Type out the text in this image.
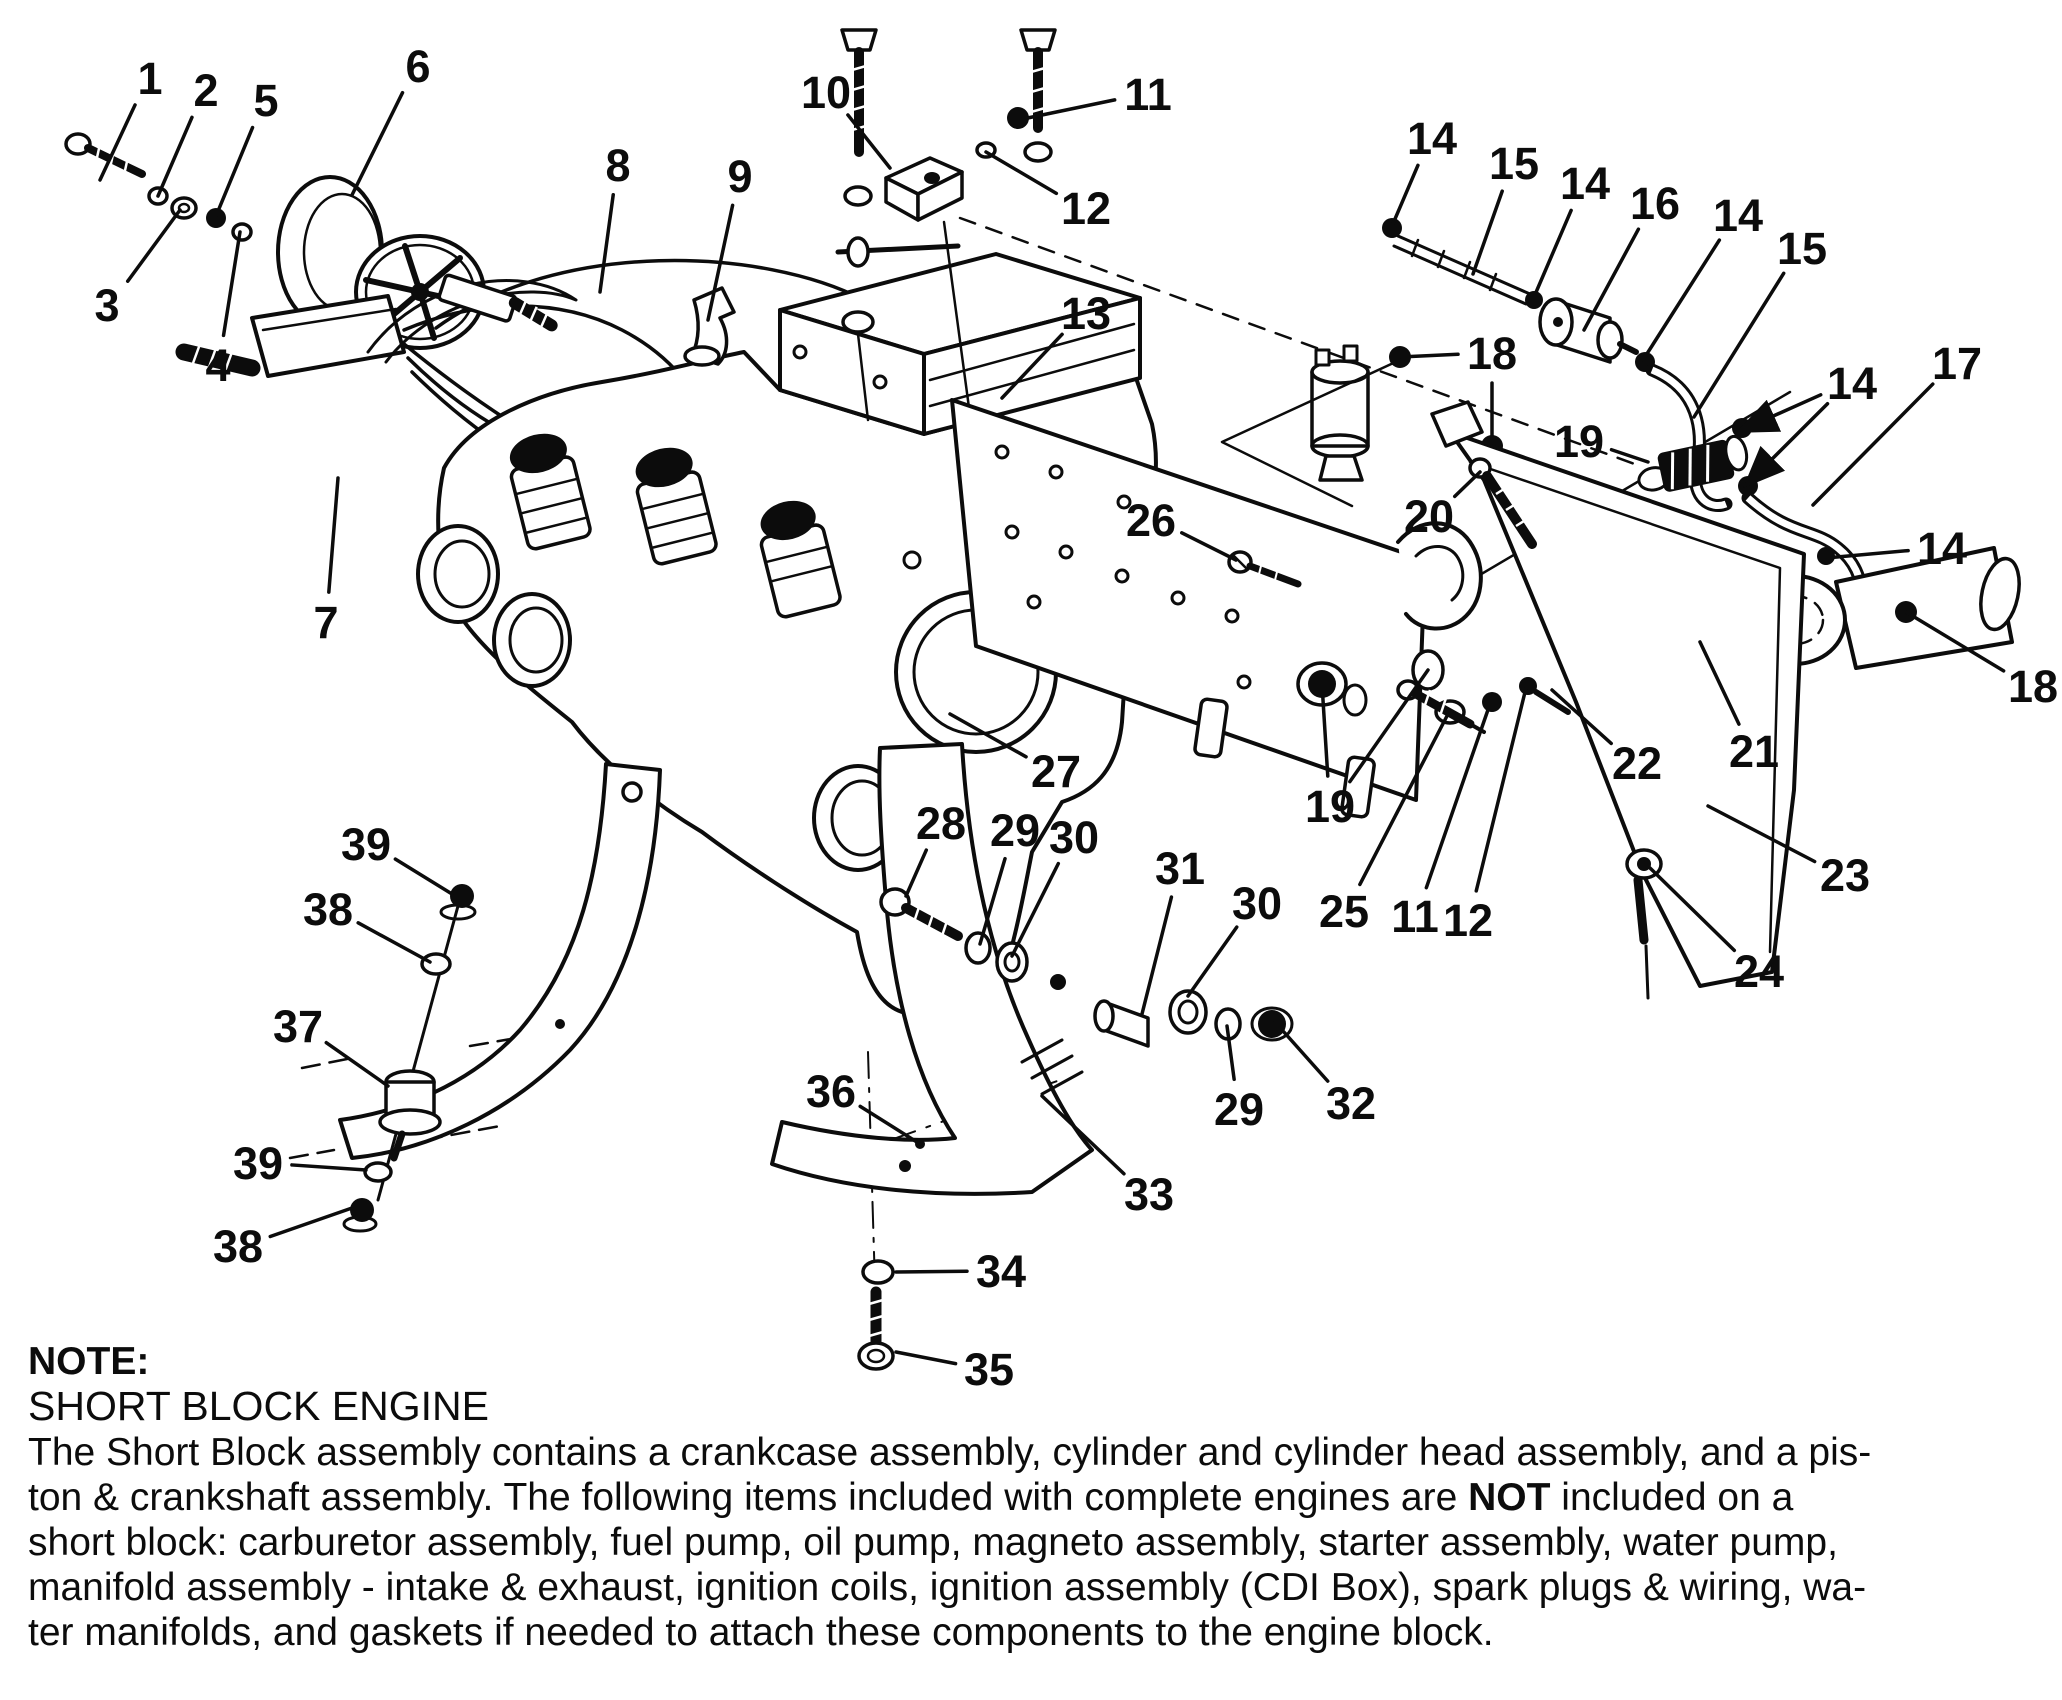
1 2 5
6
3
4
7
8 9
10	11
12
13
14 15 14 16 14
15
18	17
14
19
20
26
14
18
21
22
19
25 11 12
23
24
27
28 29 30
31
30
32
29
33
36
34
35
39
38
37
39
38
NOTE:
SHORT BLOCK ENGINE
The Short Block assembly contains a crankcase assembly, cylinder and cylinder head assembly, and a pis-
ton & crankshaft assembly. The following items included with complete engines are NOT included on a
short block: carburetor assembly, fuel pump, oil pump, magneto assembly, starter assembly, water pump,
manifold assembly - intake & exhaust, ignition coils, ignition assembly (CDI Box), spark plugs & wiring, wa-
ter manifolds, and gaskets if needed to attach these components to the engine block.
